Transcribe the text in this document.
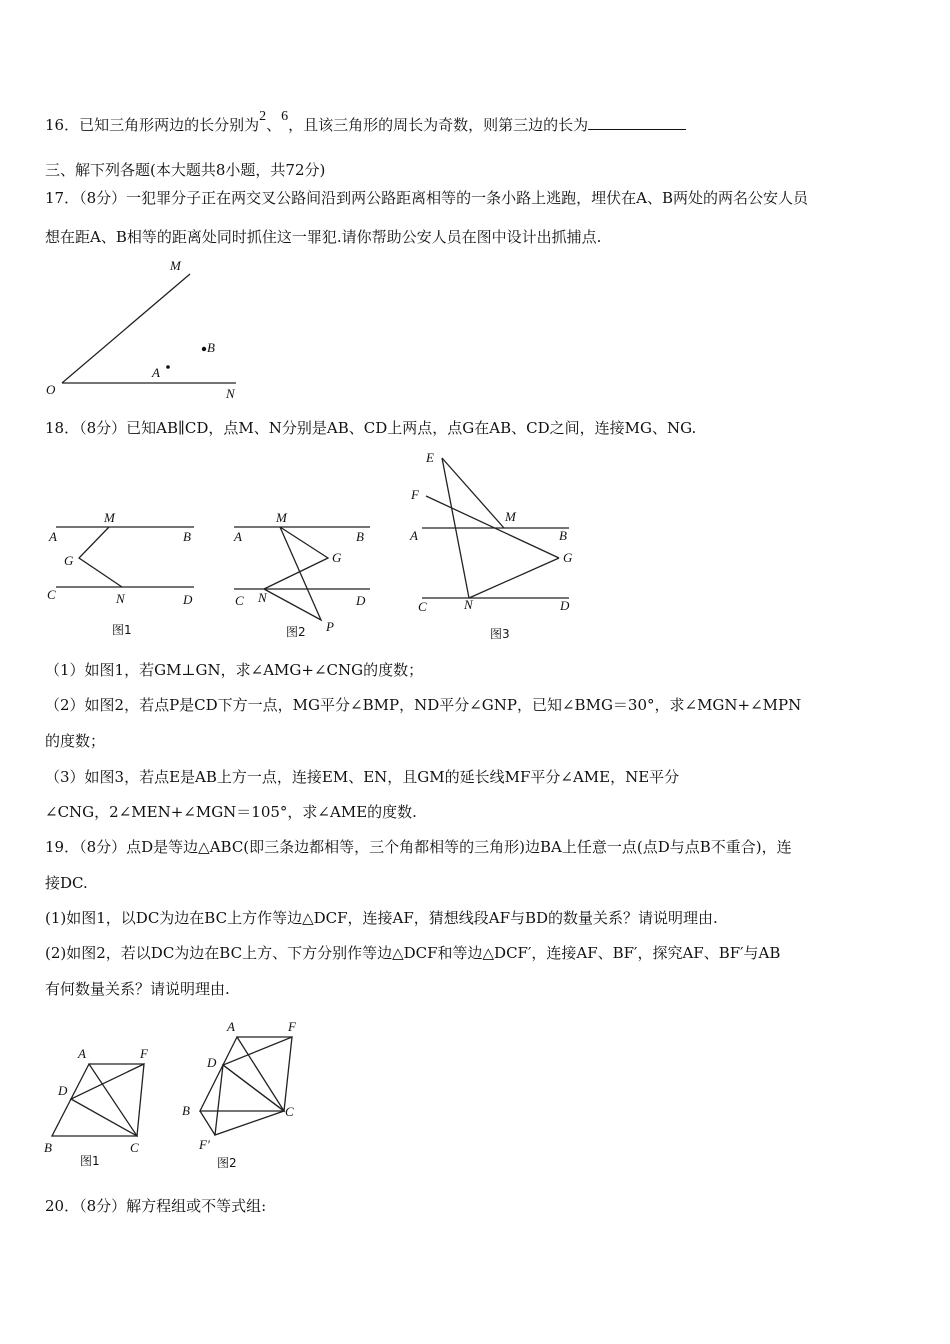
16．已知三角形两边的长分别为2、6，且该三角形的周长为奇数，则第三边的长为
三、解下列各题(本大题共8小题，共72分)
17．（8分）一犯罪分子正在两交叉公路间沿到两公路距离相等的一条小路上逃跑，埋伏在A、B两处的两名公安人员
想在距A、B相等的距离处同时抓住这一罪犯.请你帮助公安人员在图中设计出抓捕点.
M
B
A
O	N
18．（8分）已知AB∥CD，点M、N分别是AB、CD上两点，点G在AB、CD之间，连接MG、NG.
M
A	B
G
C	N	D
图1
M
A	B
G
C N	D
P
图2
E
F
M
A	B
G
C	N	D
图3
（1）如图1，若GM⊥GN，求∠AMG+∠CNG的度数；
（2）如图2，若点P是CD下方一点，MG平分∠BMP，ND平分∠GNP，已知∠BMG＝30°，求∠MGN+∠MPN
的度数；
（3）如图3，若点E是AB上方一点，连接EM、EN，且GM的延长线MF平分∠AME，NE平分
∠CNG，2∠MEN+∠MGN＝105°，求∠AME的度数.
19．（8分）点D是等边△ABC(即三条边都相等，三个角都相等的三角形)边BA上任意一点(点D与点B不重合)，连
接DC.
(1)如图1，以DC为边在BC上方作等边△DCF，连接AF，猜想线段AF与BD的数量关系？请说明理由.
(2)如图2，若以DC为边在BC上方、下方分别作等边△DCF和等边△DCF′，连接AF、BF′，探究AF、BF′与AB
有何数量关系？请说明理由.
A	F
D
B	C
图1
A	F
D
B	C
F′
图2
20．（8分）解方程组或不等式组:
